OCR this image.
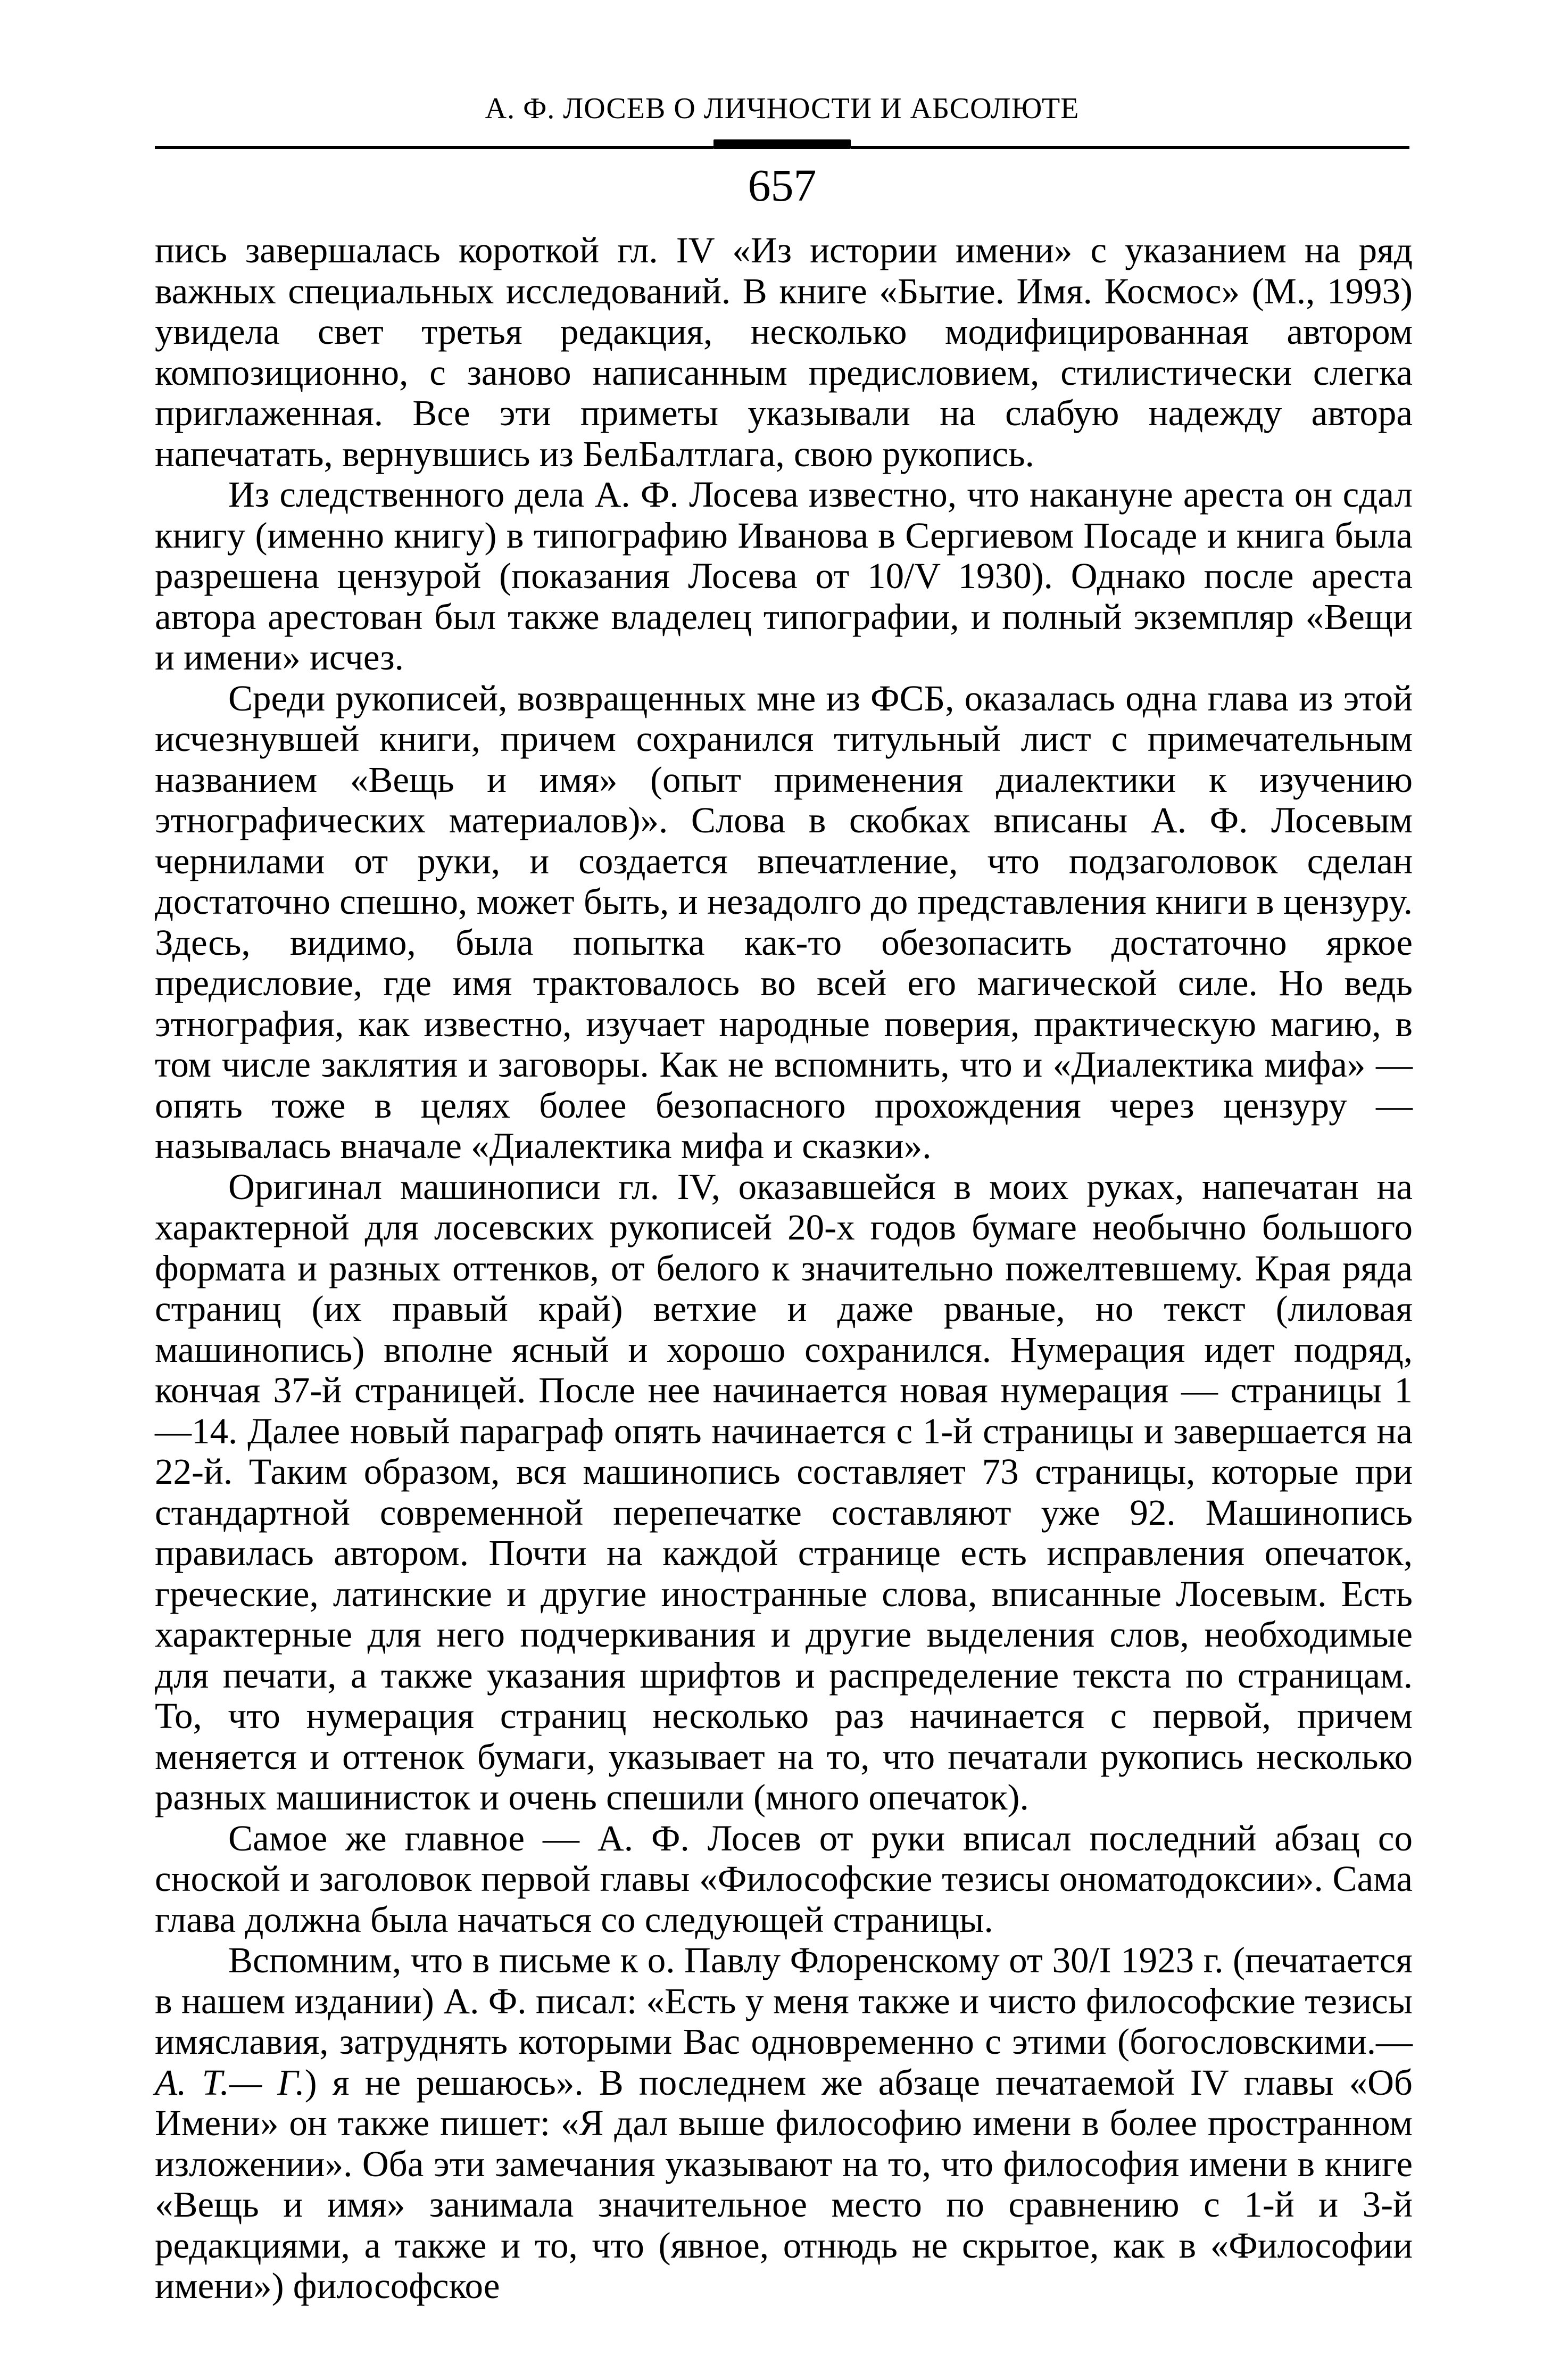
А. Ф. ЛОСЕВ О ЛИЧНОСТИ И АБСОЛЮТЕ
657

пись завершалась короткой гл. IV «Из истории имени» с указанием на ряд важных специальных исследований. В книге «Бытие. Имя. Космос» (М., 1993) увидела свет третья редакция, несколько модифицированная автором композиционно, с заново написанным предисловием, стилистически слегка приглаженная. Все эти приметы указывали на слабую надежду автора напечатать, вернувшись из БелБалтлага, свою рукопись.

Из следственного дела А. Ф. Лосева известно, что накануне ареста он сдал книгу (именно книгу) в типографию Иванова в Сергиевом Посаде и книга была разрешена цензурой (показания Лосева от 10/V 1930). Однако после ареста автора арестован был также владелец типографии, и полный экземпляр «Вещи и имени» исчез.

Среди рукописей, возвращенных мне из ФСБ, оказалась одна глава из этой исчезнувшей книги, причем сохранился титульный лист с примечательным названием «Вещь и имя» (опыт применения диалектики к изучению этнографических материалов)». Слова в скобках вписаны А. Ф. Лосевым чернилами от руки, и создается впечатление, что подзаголовок сделан достаточно спешно, может быть, и незадолго до представления книги в цензуру. Здесь, видимо, была попытка как-то обезопасить достаточно яркое предисловие, где имя трактовалось во всей его магической силе. Но ведь этнография, как известно, изучает народные поверия, практическую магию, в том числе заклятия и заговоры. Как не вспомнить, что и «Диалектика мифа» — опять тоже в целях более безопасного прохождения через цензуру — называлась вначале «Диалектика мифа и сказки».

Оригинал машинописи гл. IV, оказавшейся в моих руках, напечатан на характерной для лосевских рукописей 20-х годов бумаге необычно большого формата и разных оттенков, от белого к значительно пожелтевшему. Края ряда страниц (их правый край) ветхие и даже рваные, но текст (лиловая машинопись) вполне ясный и хорошо сохранился. Нумерация идет подряд, кончая 37-й страницей. После нее начинается новая нумерация — страницы 1—14. Далее новый параграф опять начинается с 1-й страницы и завершается на 22-й. Таким образом, вся машинопись составляет 73 страницы, которые при стандартной современной перепечатке составляют уже 92. Машинопись правилась автором. Почти на каждой странице есть исправления опечаток, греческие, латинские и другие иностранные слова, вписанные Лосевым. Есть характерные для него подчеркивания и другие выделения слов, необходимые для печати, а также указания шрифтов и распределение текста по страницам. То, что нумерация страниц несколько раз начинается с первой, причем меняется и оттенок бумаги, указывает на то, что печатали рукопись несколько разных машинисток и очень спешили (много опечаток).

Самое же главное — А. Ф. Лосев от руки вписал последний абзац со сноской и заголовок первой главы «Философские тезисы ономатодоксии». Сама глава должна была начаться со следующей страницы.

Вспомним, что в письме к о. Павлу Флоренскому от 30/I 1923 г. (печатается в нашем издании) А. Ф. писал: «Есть у меня также и чисто философские тезисы имяславия, затруднять которыми Вас одновременно с этими (богословскими.— А. Т.— Г.) я не решаюсь». В последнем же абзаце печатаемой IV главы «Об Имени» он также пишет: «Я дал выше философию имени в более пространном изложении». Оба эти замечания указывают на то, что философия имени в книге «Вещь и имя» занимала значительное место по сравнению с 1-й и 3-й редакциями, а также и то, что (явное, отнюдь не скрытое, как в «Философии имени») философское
